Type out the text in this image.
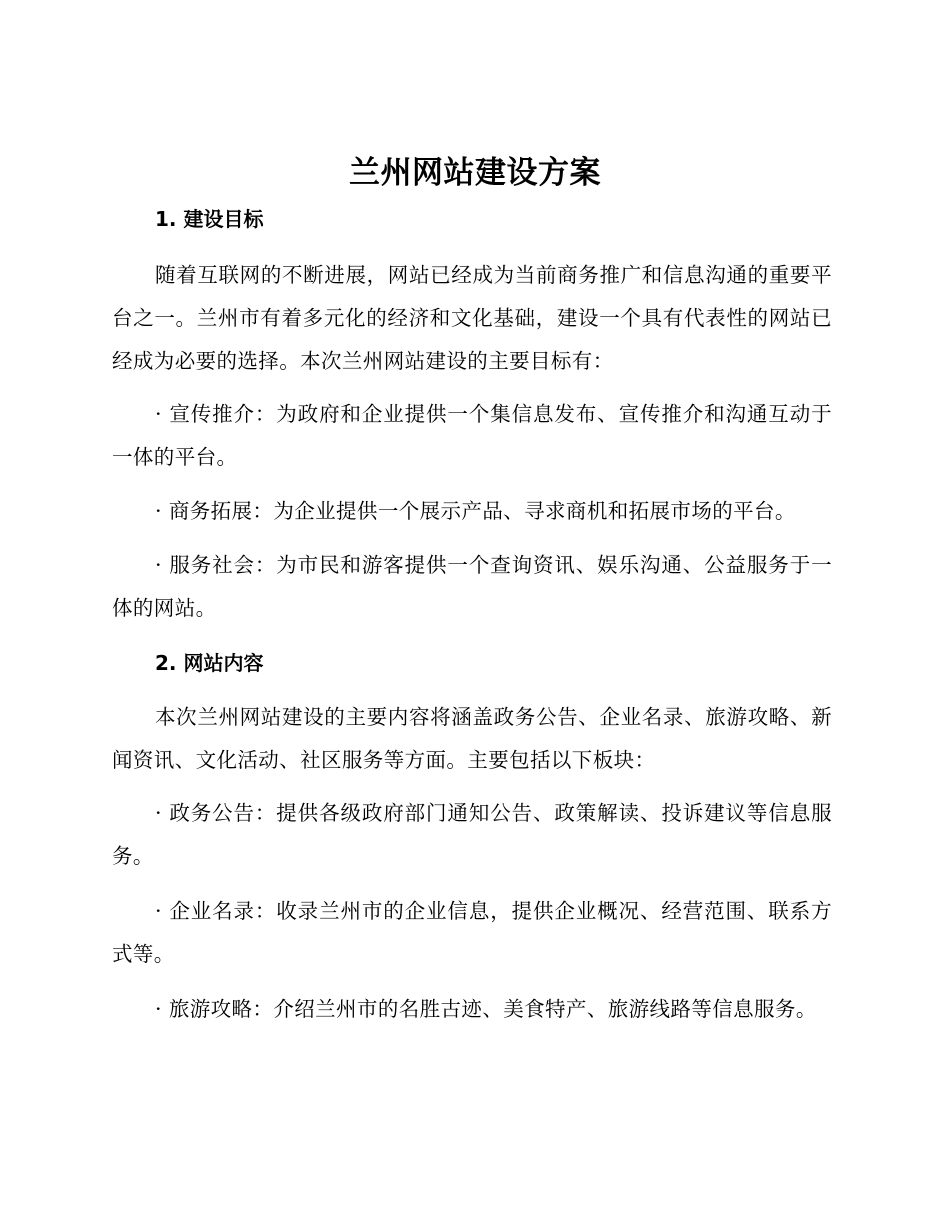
兰州网站建设方案
1. 建设目标

随着互联网的不断进展，网站已经成为当前商务推广和信息沟通的重要平台之一。兰州市有着多元化的经济和文化基础，建设一个具有代表性的网站已经成为必要的选择。本次兰州网站建设的主要目标有：

· 宣传推介：为政府和企业提供一个集信息发布、宣传推介和沟通互动于一体的平台。

· 商务拓展：为企业提供一个展示产品、寻求商机和拓展市场的平台。

· 服务社会：为市民和游客提供一个查询资讯、娱乐沟通、公益服务于一体的网站。

2. 网站内容

本次兰州网站建设的主要内容将涵盖政务公告、企业名录、旅游攻略、新闻资讯、文化活动、社区服务等方面。主要包括以下板块：

· 政务公告：提供各级政府部门通知公告、政策解读、投诉建议等信息服务。

· 企业名录：收录兰州市的企业信息，提供企业概况、经营范围、联系方式等。

· 旅游攻略：介绍兰州市的名胜古迹、美食特产、旅游线路等信息服务。
